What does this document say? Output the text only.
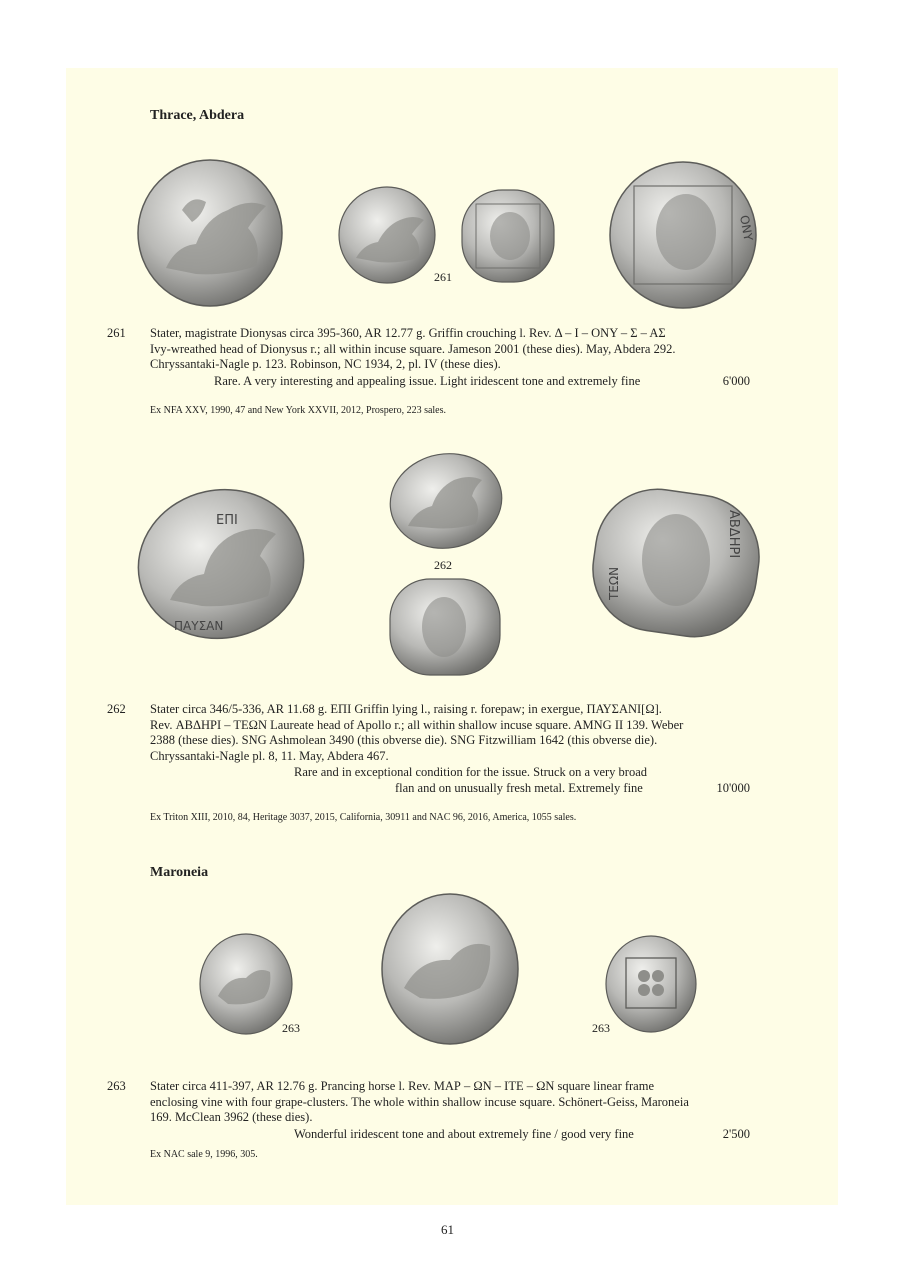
Thrace, Abdera
ΟΝΥ
261
261 Stater, magistrate Dionysas circa 395-360, AR 12.77 g. Griffin crouching l. Rev. Δ – Ι – ΟΝΥ – Σ – ΑΣ

Ivy-wreathed head of Dionysus r.; all within incuse square. Jameson 2001 (these dies). May, Abdera 292.

Chryssantaki-Nagle p. 123. Robinson, NC 1934, 2, pl. IV (these dies).

Rare. A very interesting and appealing issue. Light iridescent tone and extremely fine	6'000
Ex NFA XXV, 1990, 47 and New York XXVII, 2012, Prospero, 223 sales.
ΕΠΙ
ΠΑΥΣΑΝ
262
ΑΒΔΗΡΙ
ΤΕΩΝ
262 Stater circa 346/5-336, AR 11.68 g. ΕΠΙ Griffin lying l., raising r. forepaw; in exergue, ΠΑΥΣΑΝΙ[Ω].

Rev. ΑΒΔΗΡΙ – ΤΕΩΝ Laureate head of Apollo r.; all within shallow incuse square. AMNG II 139. Weber

2388 (these dies). SNG Ashmolean 3490 (this obverse die). SNG Fitzwilliam 1642 (this obverse die).

Chryssantaki-Nagle pl. 8, 11. May, Abdera 467.

Rare and in exceptional condition for the issue. Struck on a very broad
flan and on unusually fresh metal. Extremely fine	10'000
Ex Triton XIII, 2010, 84, Heritage 3037, 2015, California, 30911 and NAC 96, 2016, America, 1055 sales.
Maroneia
263	263
263 Stater circa 411-397, AR 12.76 g. Prancing horse l. Rev. ΜΑΡ – ΩΝ – ΙΤΕ – ΩΝ square linear frame

enclosing vine with four grape-clusters. The whole within shallow incuse square. Schönert-Geiss, Maroneia

169. McClean 3962 (these dies).

Wonderful iridescent tone and about extremely fine / good very fine	2'500
Ex NAC sale 9, 1996, 305.
61
